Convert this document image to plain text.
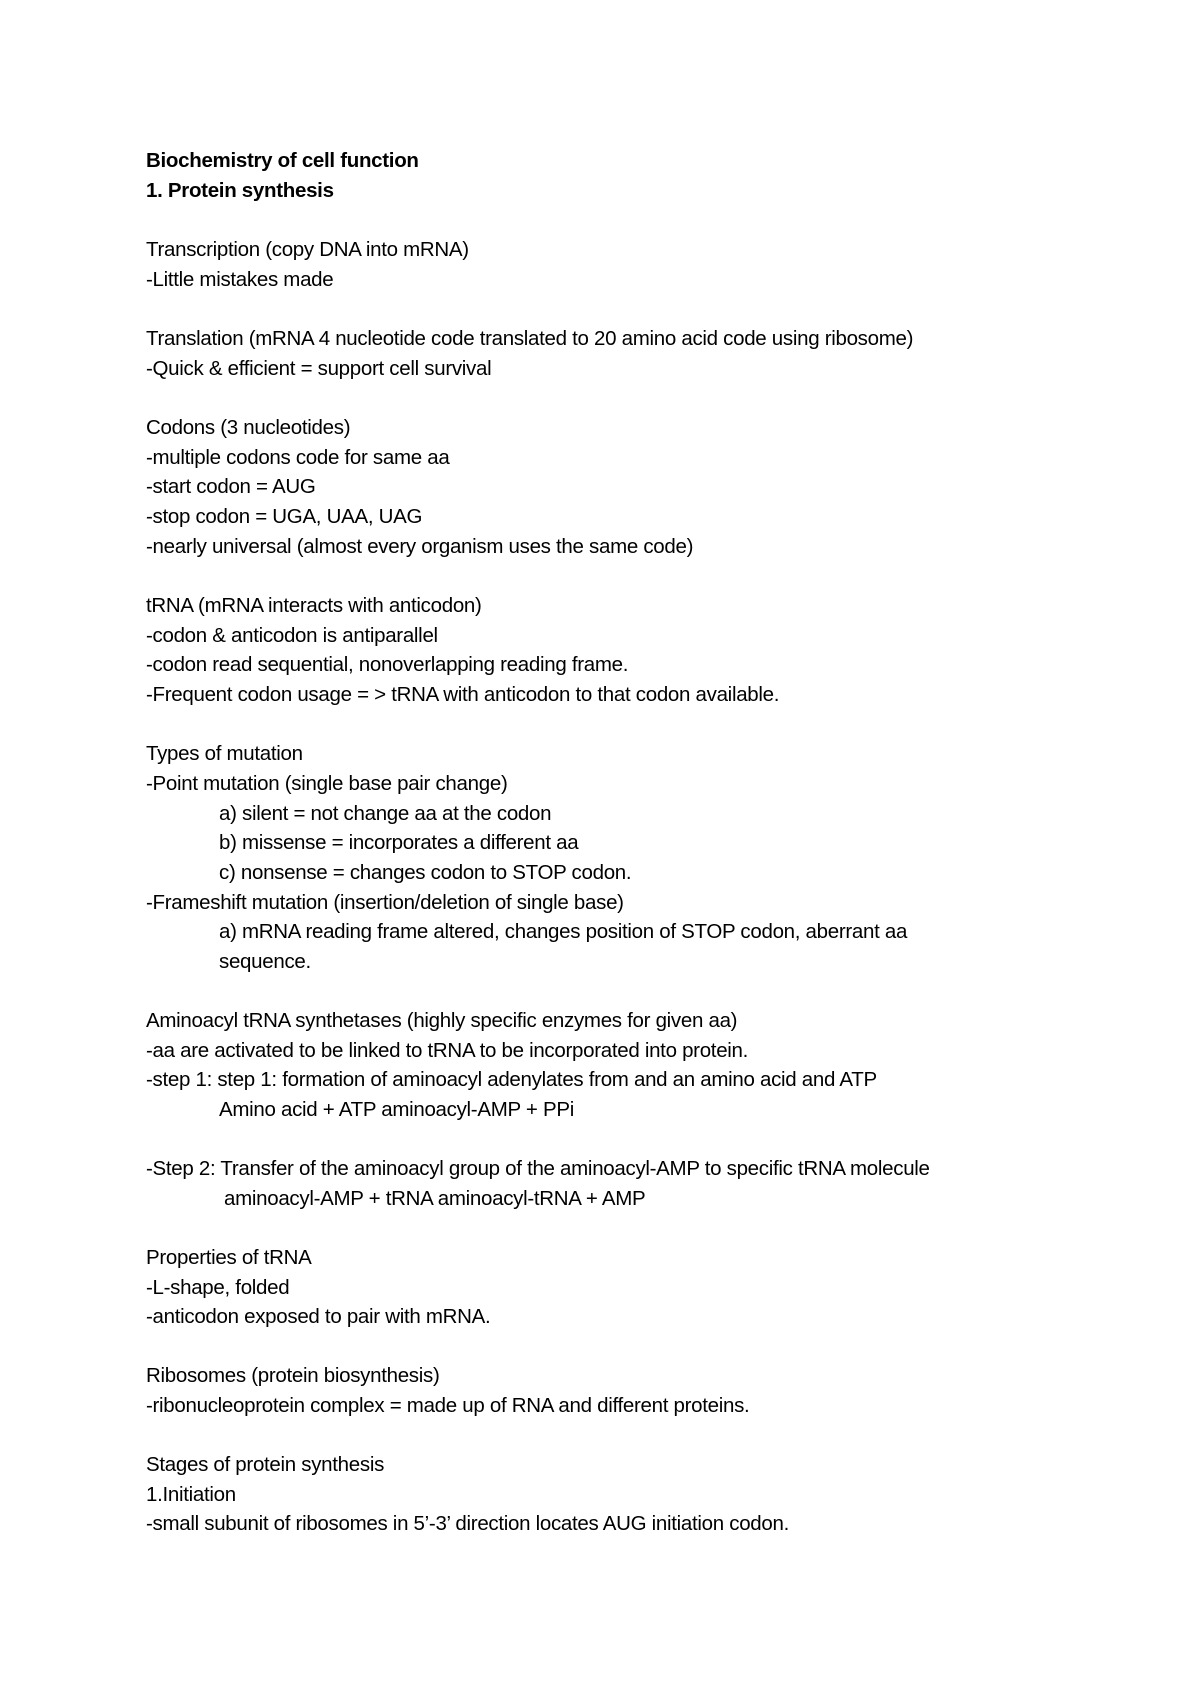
Biochemistry of cell function
1. Protein synthesis
Transcription (copy DNA into mRNA)
-Little mistakes made
Translation (mRNA 4 nucleotide code translated to 20 amino acid code using ribosome)
-Quick & efficient = support cell survival
Codons (3 nucleotides)
-multiple codons code for same aa
-start codon = AUG
-stop codon = UGA, UAA, UAG
-nearly universal (almost every organism uses the same code)
tRNA (mRNA interacts with anticodon)
-codon & anticodon is antiparallel
-codon read sequential, nonoverlapping reading frame.
-Frequent codon usage = > tRNA with anticodon to that codon available.
Types of mutation
-Point mutation (single base pair change)
a) silent = not change aa at the codon
b) missense = incorporates a different aa
c) nonsense = changes codon to STOP codon.
-Frameshift mutation (insertion/deletion of single base)
a) mRNA reading frame altered, changes position of STOP codon, aberrant aa
sequence.
Aminoacyl tRNA synthetases (highly specific enzymes for given aa)
-aa are activated to be linked to tRNA to be incorporated into protein.
-step 1: step 1: formation of aminoacyl adenylates from and an amino acid and ATP
Amino acid + ATP aminoacyl-AMP + PPi
-Step 2: Transfer of the aminoacyl group of the aminoacyl-AMP to specific tRNA molecule
aminoacyl-AMP + tRNA aminoacyl-tRNA + AMP
Properties of tRNA
-L-shape, folded
-anticodon exposed to pair with mRNA.
Ribosomes (protein biosynthesis)
-ribonucleoprotein complex = made up of RNA and different proteins.
Stages of protein synthesis
1.Initiation
-small subunit of ribosomes in 5’-3’ direction locates AUG initiation codon.
